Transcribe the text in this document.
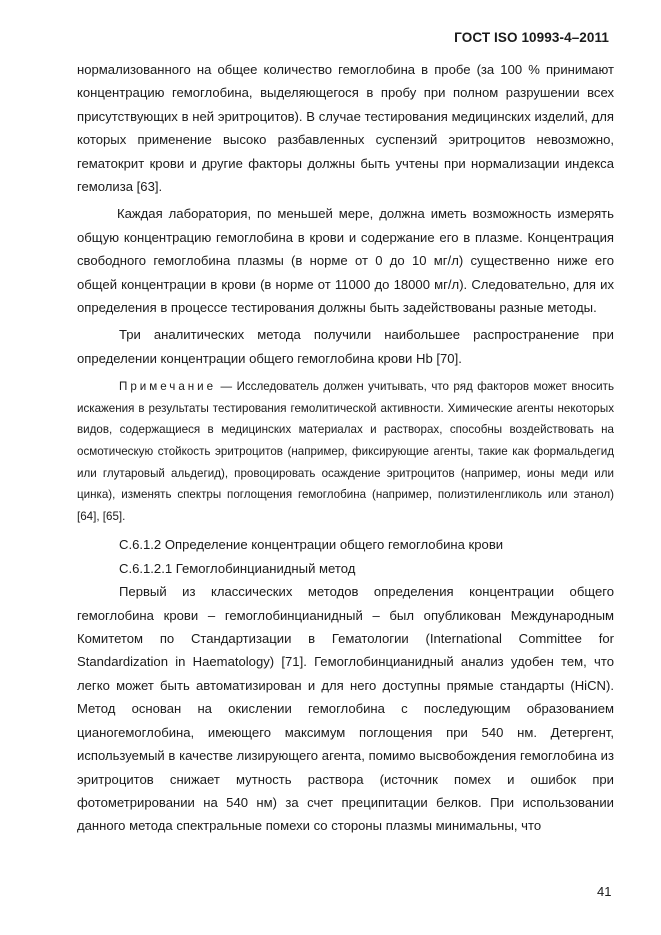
ГОСТ ISO 10993-4–2011

нормализованного на общее количество гемоглобина в пробе (за 100 % принимают концентрацию гемоглобина, выделяющегося в пробу при полном разрушении всех присутствующих в ней эритроцитов). В случае тестирования медицинских изделий, для которых применение высоко разбавленных суспензий эритроцитов невозможно, гематокрит крови и другие факторы должны быть учтены при нормализации индекса гемолиза [63].

Каждая лаборатория, по меньшей мере, должна иметь возможность измерять общую концентрацию гемоглобина в крови и содержание его в плазме. Концентрация свободного гемоглобина плазмы (в норме от 0 до 10 мг/л) существенно ниже его общей концентрации в крови (в норме от 11000 до 18000 мг/л). Следовательно, для их определения в процессе тестирования должны быть задействованы разные методы.

Три аналитических метода получили наибольшее распространение при определении концентрации общего гемоглобина крови Hb [70].

Примечание — Исследователь должен учитывать, что ряд факторов может вносить искажения в результаты тестирования гемолитической активности. Химические агенты некоторых видов, содержащиеся в медицинских материалах и растворах, способны воздействовать на осмотическую стойкость эритроцитов (например, фиксирующие агенты, такие как формальдегид или глутаровый альдегид), провоцировать осаждение эритроцитов (например, ионы меди или цинка), изменять спектры поглощения гемоглобина (например, полиэтиленгликоль или этанол) [64], [65].

С.6.1.2 Определение концентрации общего гемоглобина крови

С.6.1.2.1 Гемоглобинцианидный метод

Первый из классических методов определения концентрации общего гемоглобина крови – гемоглобинцианидный – был опубликован Международным Комитетом по Стандартизации в Гематологии (International Committee for Standardization in Haematology) [71]. Гемоглобинцианидный анализ удобен тем, что легко может быть автоматизирован и для него доступны прямые стандарты (HiCN). Метод основан на окислении гемоглобина с последующим образованием цианогемоглобина, имеющего максимум поглощения при 540 нм. Детергент, используемый в качестве лизирующего агента, помимо высвобождения гемоглобина из эритроцитов снижает мутность раствора (источник помех и ошибок при фотометрировании на 540 нм) за счет преципитации белков. При использовании данного метода спектральные помехи со стороны плазмы минимальны, что

41
